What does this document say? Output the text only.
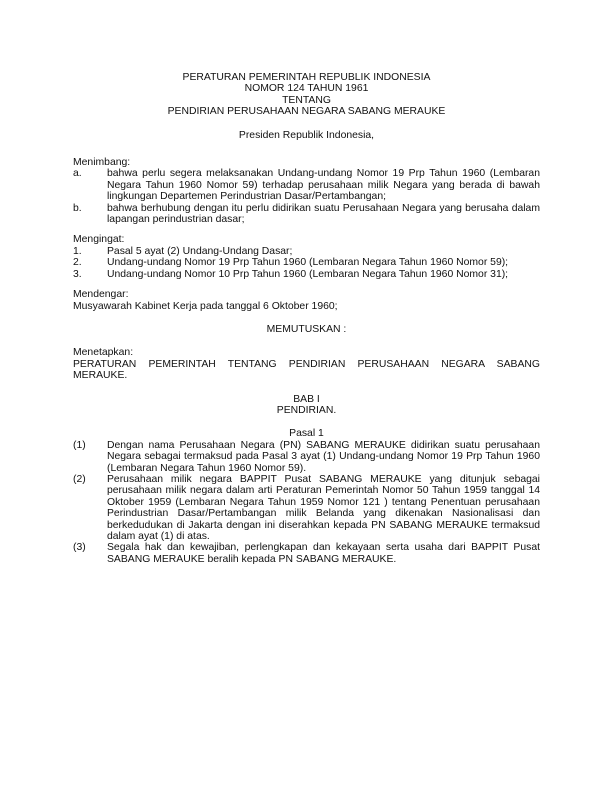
PERATURAN PEMERINTAH REPUBLIK INDONESIA
NOMOR 124 TAHUN 1961
TENTANG
PENDIRIAN PERUSAHAAN NEGARA SABANG MERAUKE
Presiden Republik Indonesia,
Menimbang:
a.	bahwa perlu segera melaksanakan Undang-undang Nomor 19 Prp Tahun 1960 (Lembaran Negara Tahun 1960 Nomor 59) terhadap perusahaan milik Negara yang berada di bawah lingkungan Departemen Perindustrian Dasar/Pertambangan;
b.	bahwa berhubung dengan itu perlu didirikan suatu Perusahaan Negara yang berusaha dalam lapangan perindustrian dasar;
Mengingat:
1.	Pasal 5 ayat (2) Undang-Undang Dasar;
2.	Undang-undang Nomor 19 Prp Tahun 1960 (Lembaran Negara Tahun 1960 Nomor 59);
3.	Undang-undang Nomor 10 Prp Tahun 1960 (Lembaran Negara Tahun 1960 Nomor 31);
Mendengar:
Musyawarah Kabinet Kerja pada tanggal 6 Oktober 1960;
MEMUTUSKAN :
Menetapkan:
PERATURAN PEMERINTAH TENTANG PENDIRIAN PERUSAHAAN NEGARA SABANG MERAUKE.
BAB I
PENDIRIAN.
Pasal 1
(1)	Dengan nama Perusahaan Negara (PN) SABANG MERAUKE didirikan suatu perusahaan Negara sebagai termaksud pada Pasal 3 ayat (1) Undang-undang Nomor 19 Prp Tahun 1960 (Lembaran Negara Tahun 1960 Nomor 59).
(2)	Perusahaan milik negara BAPPIT Pusat SABANG MERAUKE yang ditunjuk sebagai perusahaan milik negara dalam arti Peraturan Pemerintah Nomor 50 Tahun 1959 tanggal 14 Oktober 1959 (Lembaran Negara Tahun 1959 Nomor 121 ) tentang Penentuan perusahaan Perindustrian Dasar/Pertambangan milik Belanda yang dikenakan Nasionalisasi dan berkedudukan di Jakarta dengan ini diserahkan kepada PN SABANG MERAUKE termaksud dalam ayat (1) di atas.
(3)	Segala hak dan kewajiban, perlengkapan dan kekayaan serta usaha dari BAPPIT Pusat SABANG MERAUKE beralih kepada PN SABANG MERAUKE.
